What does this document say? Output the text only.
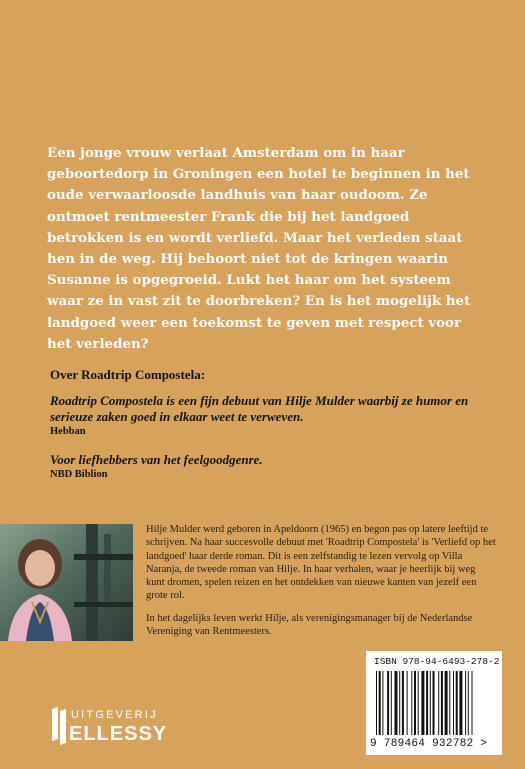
Een jonge vrouw verlaat Amsterdam om in haar geboortedorp in Groningen een hotel te beginnen in het oude verwaarloosde landhuis van haar oudoom. Ze ontmoet rentmeester Frank die bij het landgoed betrokken is en wordt verliefd. Maar het verleden staat hen in de weg. Hij behoort niet tot de kringen waarin Susanne is opgegroeid. Lukt het haar om het systeem waar ze in vast zit te doorbreken? En is het mogelijk het landgoed weer een toekomst te geven met respect voor het verleden?

Over Roadtrip Compostela:

Roadtrip Compostela is een fijn debuut van Hilje Mulder waarbij ze humor en serieuze zaken goed in elkaar weet te verweven.

Hebban

Voor liefhebbers van het feelgoodgenre.

NBD Biblion

Hilje Mulder werd geboren in Apeldoorn (1965) en begon pas op latere leeftijd te schrijven. Na haar succesvolle debuut met 'Roadtrip Compostela' is 'Verliefd op het landgoed' haar derde roman. Dit is een zelfstandig te lezen vervolg op Villa Naranja, de tweede roman van Hilje. In haar verhalen, waar je heerlijk bij weg kunt dromen, spelen reizen en het ontdekken van nieuwe kanten van jezelf een grote rol.

In het dagelijks leven werkt Hilje, als verenigingsmanager bij de Nederlandse Vereniging van Rentmeesters.

ISBN 978-94-6493-278-2
9 789464 932782 >
UITGEVERIJ
ELLESSY
